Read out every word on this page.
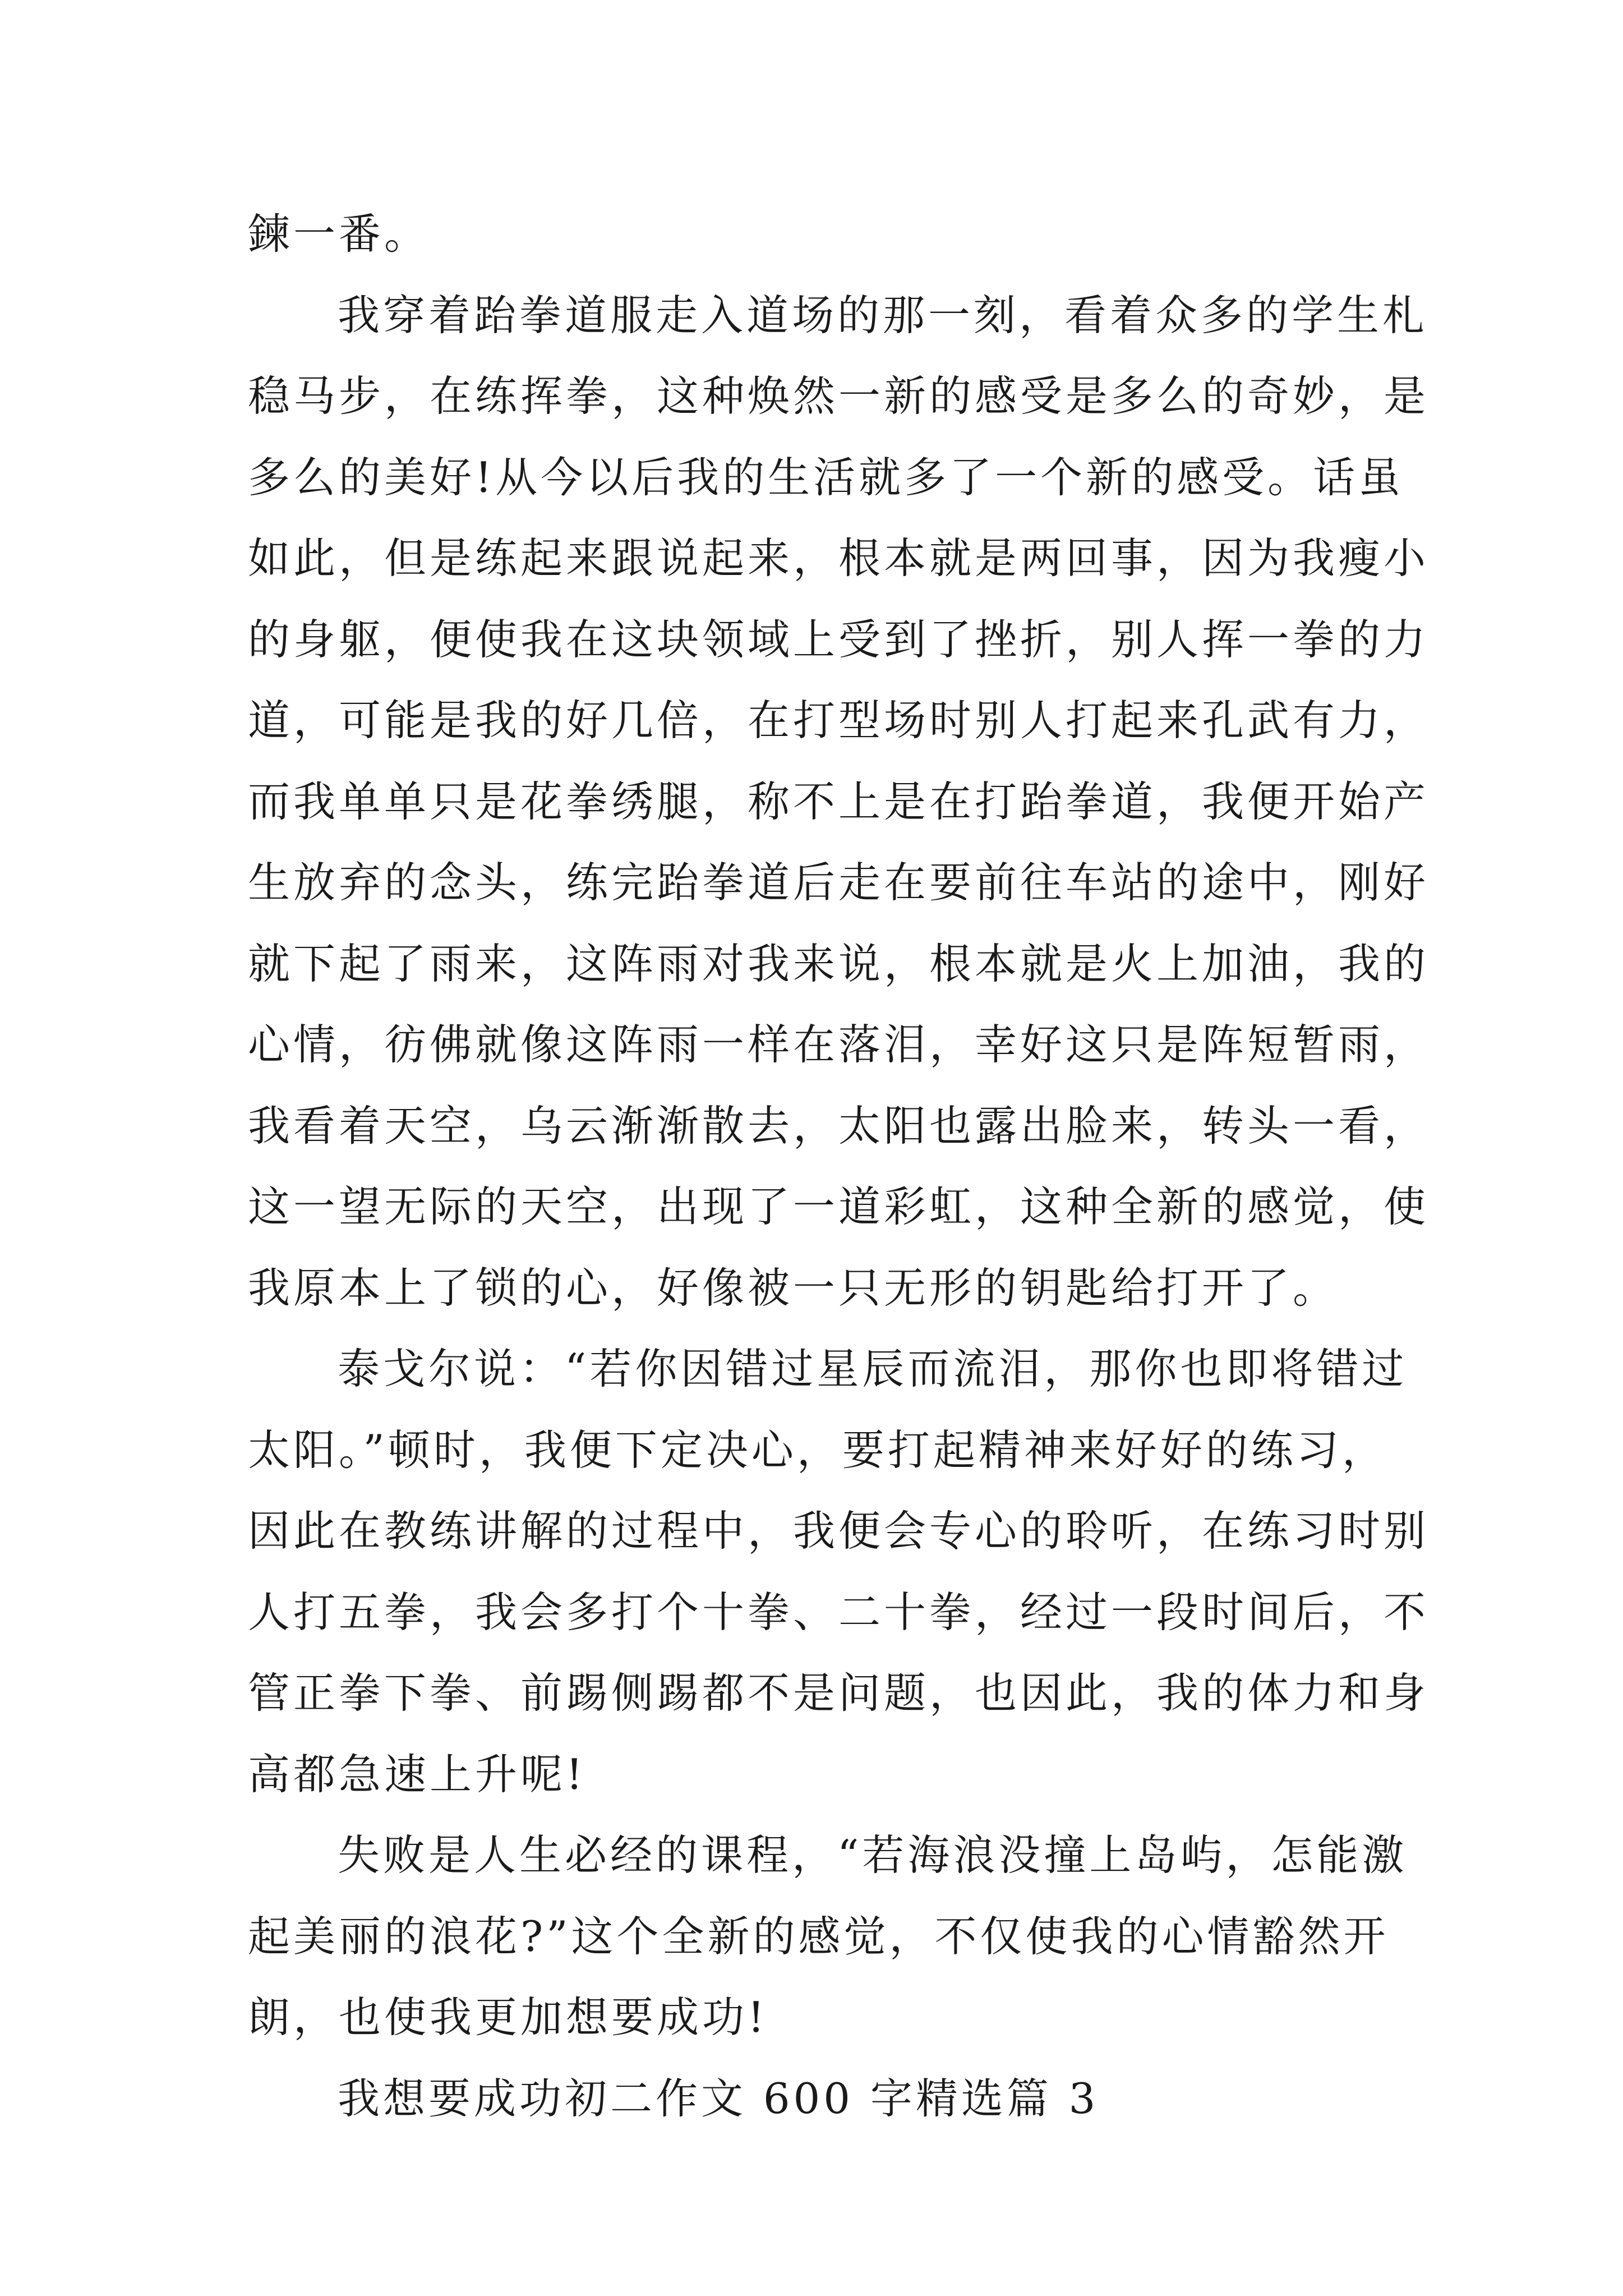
鍊一番。
我穿着跆拳道服走入道场的那一刻，看着众多的学生札
稳马步，在练挥拳，这种焕然一新的感受是多么的奇妙，是
多么的美好!从今以后我的生活就多了一个新的感受。话虽
如此，但是练起来跟说起来，根本就是两回事，因为我瘦小
的身躯，便使我在这块领域上受到了挫折，别人挥一拳的力
道，可能是我的好几倍，在打型场时别人打起来孔武有力，
而我单单只是花拳绣腿，称不上是在打跆拳道，我便开始产
生放弃的念头，练完跆拳道后走在要前往车站的途中，刚好
就下起了雨来，这阵雨对我来说，根本就是火上加油，我的
心情，彷佛就像这阵雨一样在落泪，幸好这只是阵短暂雨，
我看着天空，乌云渐渐散去，太阳也露出脸来，转头一看，
这一望无际的天空，出现了一道彩虹，这种全新的感觉，使
我原本上了锁的心，好像被一只无形的钥匙给打开了。
泰戈尔说：“若你因错过星辰而流泪，那你也即将错过
太阳。”顿时，我便下定决心，要打起精神来好好的练习，
因此在教练讲解的过程中，我便会专心的聆听，在练习时别
人打五拳，我会多打个十拳、二十拳，经过一段时间后，不
管正拳下拳、前踢侧踢都不是问题，也因此，我的体力和身
高都急速上升呢!
失败是人生必经的课程，“若海浪没撞上岛屿，怎能激
起美丽的浪花?”这个全新的感觉，不仅使我的心情豁然开
朗，也使我更加想要成功!
我想要成功初二作文 600 字精选篇 3
